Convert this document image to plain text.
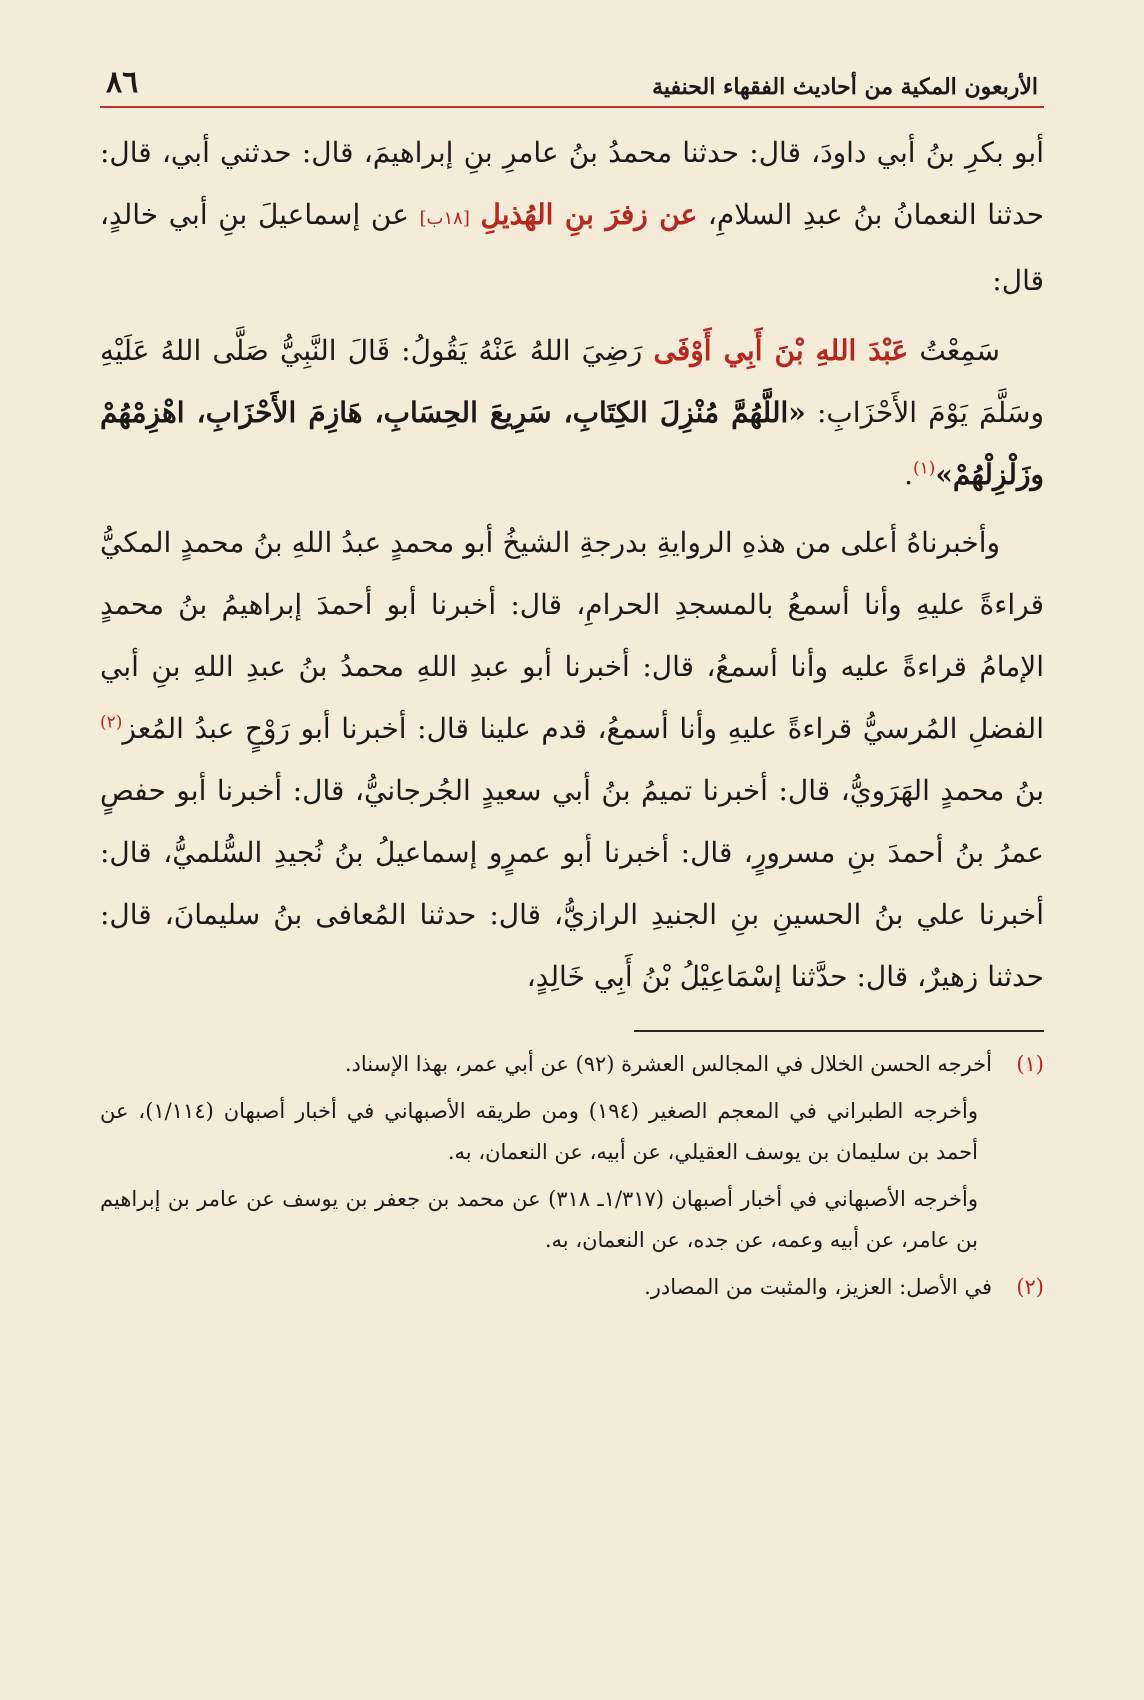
الأربعون المكية من أحاديث الفقهاء الحنفية
٨٦

أبو بكرِ بنُ أبي داودَ، قال: حدثنا محمدُ بنُ عامرِ بنِ إبراهيمَ، قال: حدثني أبي، قال: حدثنا النعمانُ بنُ عبدِ السلامِ، عن زفرَ بنِ الهُذيلِ [١٨ب] عن إسماعيلَ بنِ أبي خالدٍ، قال:

سَمِعْتُ عَبْدَ اللهِ بْنَ أَبِي أَوْفَى رَضِيَ اللهُ عَنْهُ يَقُولُ: قَالَ النَّبِيُّ صَلَّى اللهُ عَلَيْهِ وسَلَّمَ يَوْمَ الأَحْزَابِ: «اللَّهُمَّ مُنْزِلَ الكِتَابِ، سَرِيعَ الحِسَابِ، هَازِمَ الأَحْزَابِ، اهْزِمْهُمْ وزَلْزِلْهُمْ»$^{(١)}$.

وأخبرناهُ أعلى من هذهِ الروايةِ بدرجةِ الشيخُ أبو محمدٍ عبدُ اللهِ بنُ محمدٍ المكيُّ قراءةً عليهِ وأنا أسمعُ بالمسجدِ الحرامِ، قال: أخبرنا أبو أحمدَ إبراهيمُ بنُ محمدٍ الإمامُ قراءةً عليه وأنا أسمعُ، قال: أخبرنا أبو عبدِ اللهِ محمدُ بنُ عبدِ اللهِ بنِ أبي الفضلِ المُرسيُّ قراءةً عليهِ وأنا أسمعُ، قدم علينا قال: أخبرنا أبو رَوْحٍ عبدُ المُعز$^{(٢)}$ بنُ محمدٍ الهَرَويُّ، قال: أخبرنا تميمُ بنُ أبي سعيدٍ الجُرجانيُّ، قال: أخبرنا أبو حفصٍ عمرُ بنُ أحمدَ بنِ مسرورٍ، قال: أخبرنا أبو عمرٍو إسماعيلُ بنُ نُجيدِ السُّلميُّ، قال: أخبرنا علي بنُ الحسينِ بنِ الجنيدِ الرازيُّ، قال: حدثنا المُعافى بنُ سليمانَ، قال: حدثنا زهيرٌ، قال: حدَّثنا إسْمَاعِيْلُ بْنُ أَبِي خَالِدٍ،

(١)
أخرجه الحسن الخلال في المجالس العشرة (٩٢) عن أبي عمر، بهذا الإسناد.
وأخرجه الطبراني في المعجم الصغير (١٩٤) ومن طريقه الأصبهاني في أخبار أصبهان (١/١١٤)، عن أحمد بن سليمان بن يوسف العقيلي، عن أبيه، عن النعمان، به.
وأخرجه الأصبهاني في أخبار أصبهان (١/٣١٧ـ ٣١٨) عن محمد بن جعفر بن يوسف عن عامر بن إبراهيم بن عامر، عن أبيه وعمه، عن جده، عن النعمان، به.
(٢)
في الأصل: العزيز، والمثبت من المصادر.
